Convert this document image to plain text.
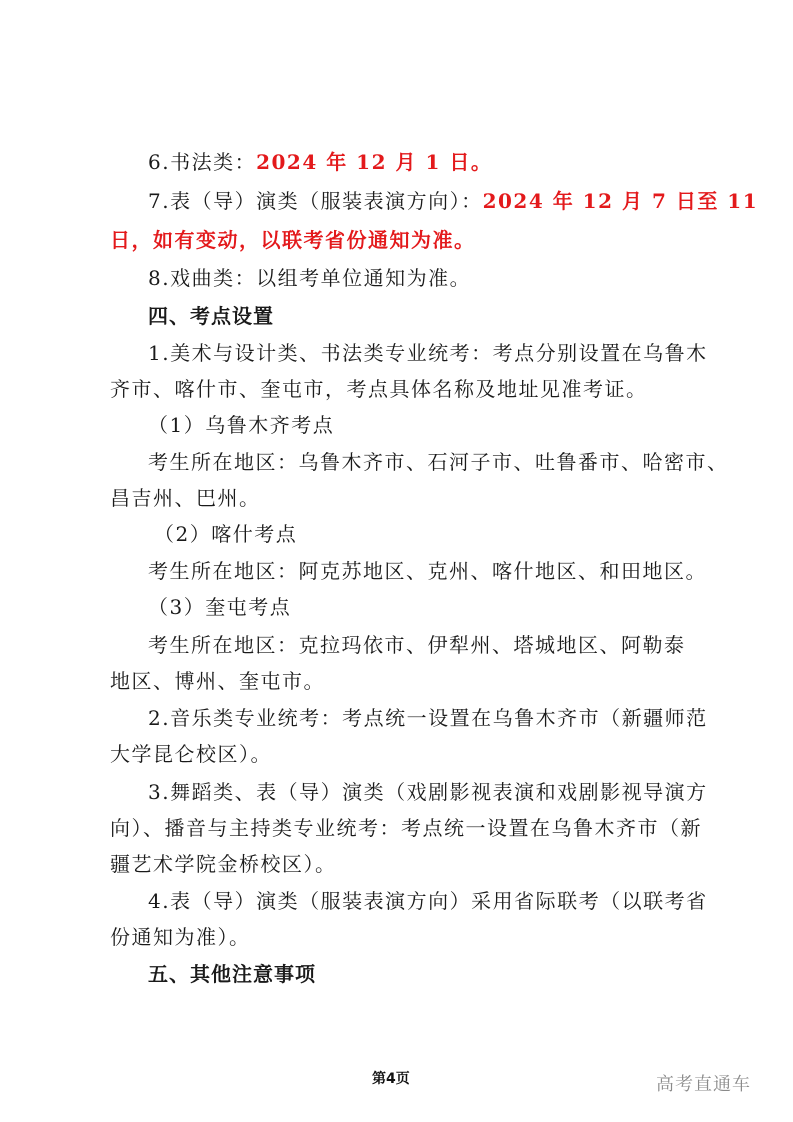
6.书法类：2024 年 12 月 1 日。
7.表（导）演类（服装表演方向）：2024 年 12 月 7 日至 11
日，如有变动，以联考省份通知为准。
8.戏曲类：以组考单位通知为准。
四、考点设置
1.美术与设计类、书法类专业统考：考点分别设置在乌鲁木
齐市、喀什市、奎屯市，考点具体名称及地址见准考证。
（1）乌鲁木齐考点
考生所在地区：乌鲁木齐市、石河子市、吐鲁番市、哈密市、
昌吉州、巴州。
（2）喀什考点
考生所在地区：阿克苏地区、克州、喀什地区、和田地区。
（3）奎屯考点
考生所在地区：克拉玛依市、伊犁州、塔城地区、阿勒泰
地区、博州、奎屯市。
2.音乐类专业统考：考点统一设置在乌鲁木齐市（新疆师范
大学昆仑校区）。
3.舞蹈类、表（导）演类（戏剧影视表演和戏剧影视导演方
向）、播音与主持类专业统考：考点统一设置在乌鲁木齐市（新
疆艺术学院金桥校区）。
4.表（导）演类（服装表演方向）采用省际联考（以联考省
份通知为准）。
五、其他注意事项
第4页	高考直通车
